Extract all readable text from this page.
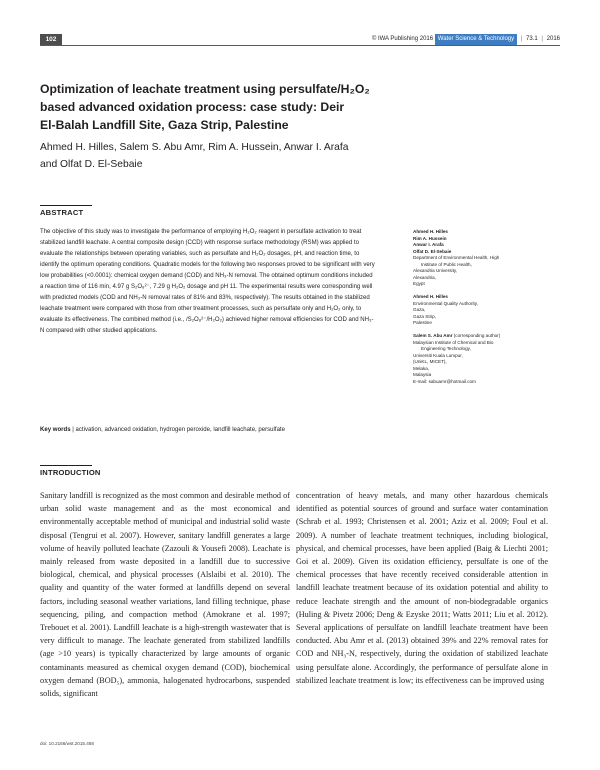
102	© IWA Publishing 2016 Water Science & Technology | 73.1 | 2016
Optimization of leachate treatment using persulfate/H₂O₂
based advanced oxidation process: case study: Deir
El-Balah Landfill Site, Gaza Strip, Palestine
Ahmed H. Hilles, Salem S. Abu Amr, Rim A. Hussein, Anwar I. Arafa
and Olfat D. El-Sebaie
ABSTRACT

The objective of this study was to investigate the performance of employing H₂O₂ reagent in persulfate activation to treat stabilized landfill leachate. A central composite design (CCD) with response surface methodology (RSM) was applied to evaluate the relationships between operating variables, such as persulfate and H₂O₂ dosages, pH, and reaction time, to identify the optimum operating conditions. Quadratic models for the following two responses proved to be significant with very low probabilities (<0.0001): chemical oxygen demand (COD) and NH₃-N removal. The obtained optimum conditions included a reaction time of 116 min, 4.97 g S₂O₈²⁻, 7.29 g H₂O₂ dosage and pH 11. The experimental results were corresponding well with predicted models (COD and NH₃-N removal rates of 81% and 83%, respectively). The results obtained in the stabilized leachate treatment were compared with those from other treatment processes, such as persulfate only and H₂O₂ only, to evaluate its effectiveness. The combined method (i.e., /S₂O₈²⁻/H₂O₂) achieved higher removal efficiencies for COD and NH₃-N compared with other studied applications.

Key words | activation, advanced oxidation, hydrogen peroxide, landfill leachate, persulfate
Ahmed H. Hilles
Rim A. Hussein
Anwar I. Arafa
Olfat D. El-Sebaie
Department of Environmental Health, High
Institute of Public Health,
Alexandria University,
Alexandria,
Egypt
Ahmed H. Hilles
Environmental Quality Authority,
Gaza,
Gaza Strip,
Palestine
Salem S. Abu Amr (corresponding author)
Malaysian Institute of Chemical and Bio
Engineering Technology,
Universiti Kuala Lumpur,
(UniKL, MICET),
Melaka,
Malaysia
E-mail: sabuamr@hotmail.com
INTRODUCTION
Sanitary landfill is recognized as the most common and desirable method of urban solid waste management and as the most economical and environmentally acceptable method of municipal and industrial solid waste disposal (Tengrui et al. 2007). However, sanitary landfill generates a large volume of heavily polluted leachate (Zazouli & Yousefi 2008). Leachate is mainly released from waste deposited in a landfill due to successive biological, chemical, and physical processes (Alslaibi et al. 2010). The quality and quantity of the water formed at landfills depend on several factors, including seasonal weather variations, land filling technique, phase sequencing, piling, and compaction method (Amokrane et al. 1997; Trebouet et al. 2001). Landfill leachate is a high-strength wastewater that is very difficult to manage. The leachate generated from stabilized landfills (age >10 years) is typically characterized by large amounts of organic contaminants measured as chemical oxygen demand (COD), biochemical oxygen demand (BOD₅), ammonia, halogenated hydrocarbons, suspended solids, significant
concentration of heavy metals, and many other hazardous chemicals identified as potential sources of ground and surface water contamination (Schrab et al. 1993; Christensen et al. 2001; Aziz et al. 2009; Foul et al. 2009). A number of leachate treatment techniques, including biological, physical, and chemical processes, have been applied (Baig & Liechti 2001; Goi et al. 2009). Given its oxidation efficiency, persulfate is one of the chemical processes that have recently received considerable attention in landfill leachate treatment because of its oxidation potential and ability to reduce leachate strength and the amount of non-biodegradable organics (Huling & Pivetz 2006; Deng & Ezyske 2011; Watts 2011; Liu et al. 2012). Several applications of persulfate on landfill leachate treatment have been conducted. Abu Amr et al. (2013) obtained 39% and 22% removal rates for COD and NH₃-N, respectively, during the oxidation of stabilized leachate using persulfate alone. Accordingly, the performance of persulfate alone in stabilized leachate treatment is low; its effectiveness can be improved using
doi: 10.2166/wst.2015.468
